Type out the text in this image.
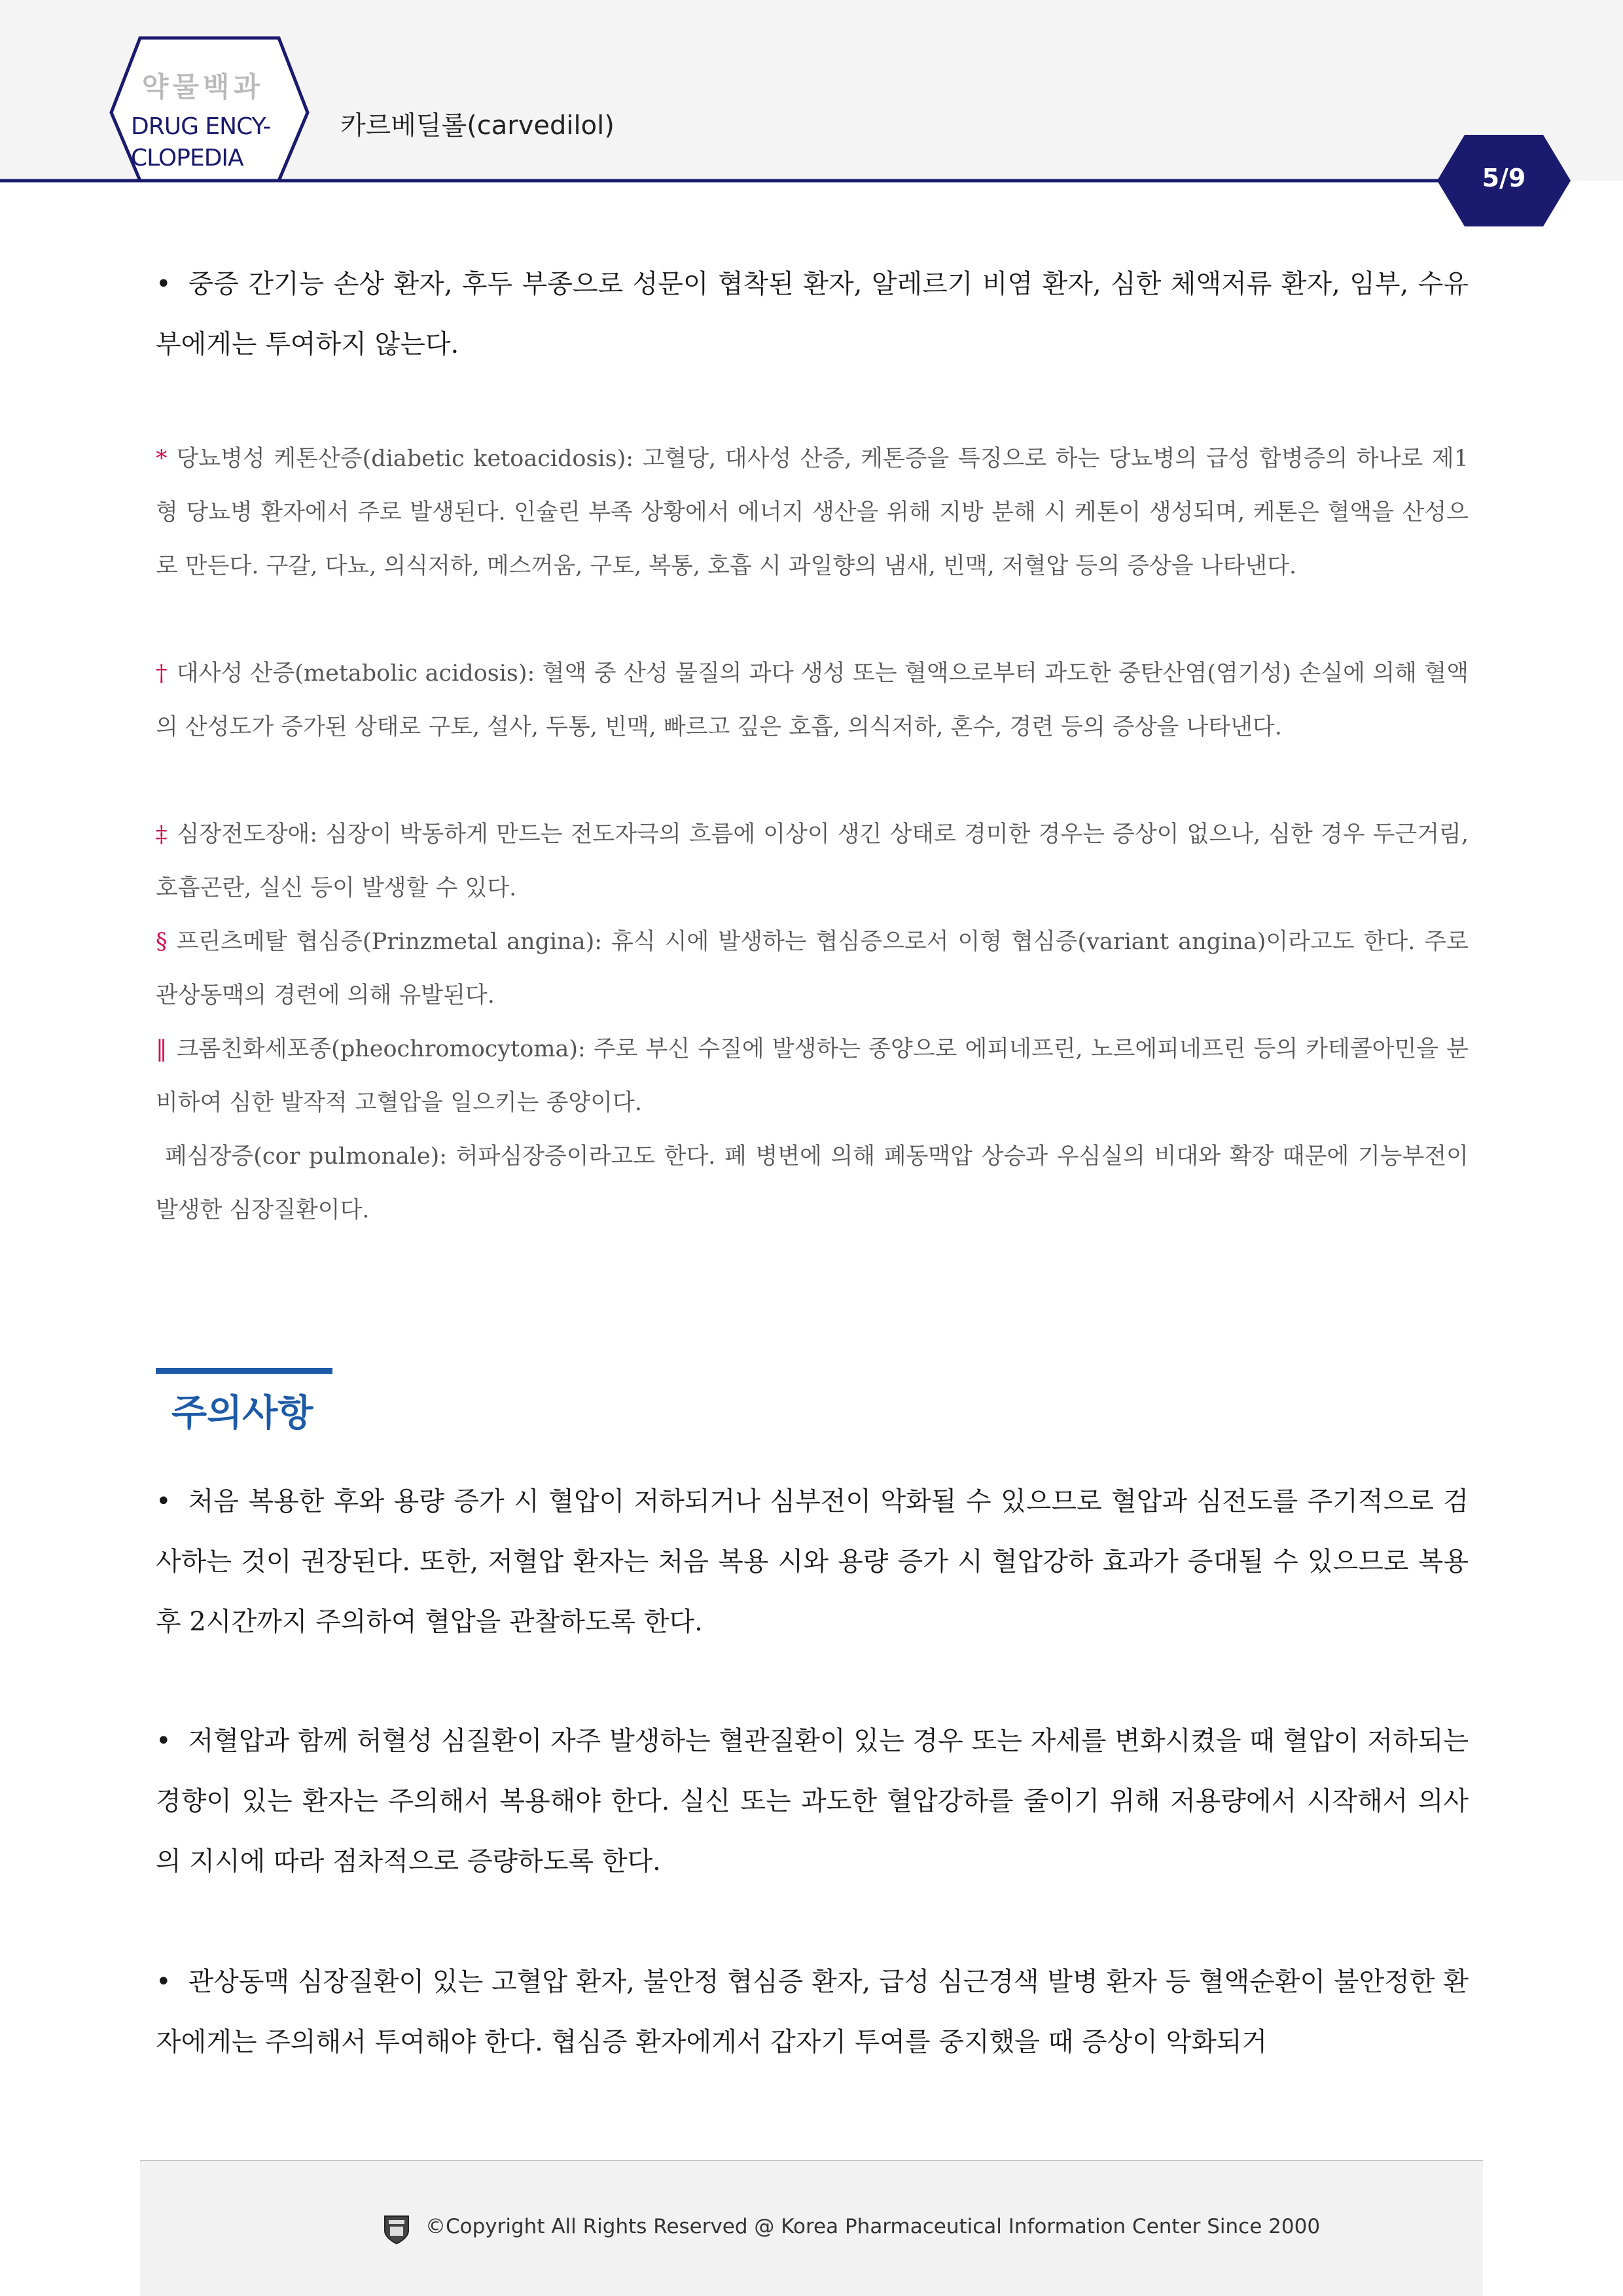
약물백과
DRUG ENCY-
CLOPEDIA
카르베딜롤(carvedilol)
5/9
• 중증 간기능 손상 환자, 후두 부종으로 성문이 협착된 환자, 알레르기 비염 환자, 심한 체액저류 환자, 임부, 수유부에게는 투여하지 않는다.
* 당뇨병성 케톤산증(diabetic ketoacidosis): 고혈당, 대사성 산증, 케톤증을 특징으로 하는 당뇨병의 급성 합병증의 하나로 제1형 당뇨병 환자에서 주로 발생된다. 인슐린 부족 상황에서 에너지 생산을 위해 지방 분해 시 케톤이 생성되며, 케톤은 혈액을 산성으로 만든다. 구갈, 다뇨, 의식저하, 메스꺼움, 구토, 복통, 호흡 시 과일향의 냄새, 빈맥, 저혈압 등의 증상을 나타낸다.
† 대사성 산증(metabolic acidosis): 혈액 중 산성 물질의 과다 생성 또는 혈액으로부터 과도한 중탄산염(염기성) 손실에 의해 혈액의 산성도가 증가된 상태로 구토, 설사, 두통, 빈맥, 빠르고 깊은 호흡, 의식저하, 혼수, 경련 등의 증상을 나타낸다.
‡ 심장전도장애: 심장이 박동하게 만드는 전도자극의 흐름에 이상이 생긴 상태로 경미한 경우는 증상이 없으나, 심한 경우 두근거림, 호흡곤란, 실신 등이 발생할 수 있다.
§ 프린츠메탈 협심증(Prinzmetal angina): 휴식 시에 발생하는 협심증으로서 이형 협심증(variant angina)이라고도 한다. 주로 관상동맥의 경련에 의해 유발된다.
‖ 크롬친화세포종(pheochromocytoma): 주로 부신 수질에 발생하는 종양으로 에피네프린, 노르에피네프린 등의 카테콜아민을 분비하여 심한 발작적 고혈압을 일으키는 종양이다.
폐심장증(cor pulmonale): 허파심장증이라고도 한다. 폐 병변에 의해 폐동맥압 상승과 우심실의 비대와 확장 때문에 기능부전이 발생한 심장질환이다.
주의사항
• 처음 복용한 후와 용량 증가 시 혈압이 저하되거나 심부전이 악화될 수 있으므로 혈압과 심전도를 주기적으로 검사하는 것이 권장된다. 또한, 저혈압 환자는 처음 복용 시와 용량 증가 시 혈압강하 효과가 증대될 수 있으므로 복용 후 2시간까지 주의하여 혈압을 관찰하도록 한다.
• 저혈압과 함께 허혈성 심질환이 자주 발생하는 혈관질환이 있는 경우 또는 자세를 변화시켰을 때 혈압이 저하되는 경향이 있는 환자는 주의해서 복용해야 한다. 실신 또는 과도한 혈압강하를 줄이기 위해 저용량에서 시작해서 의사의 지시에 따라 점차적으로 증량하도록 한다.
• 관상동맥 심장질환이 있는 고혈압 환자, 불안정 협심증 환자, 급성 심근경색 발병 환자 등 혈액순환이 불안정한 환자에게는 주의해서 투여해야 한다. 협심증 환자에게서 갑자기 투여를 중지했을 때 증상이 악화되거
©Copyright All Rights Reserved @ Korea Pharmaceutical Information Center Since 2000
